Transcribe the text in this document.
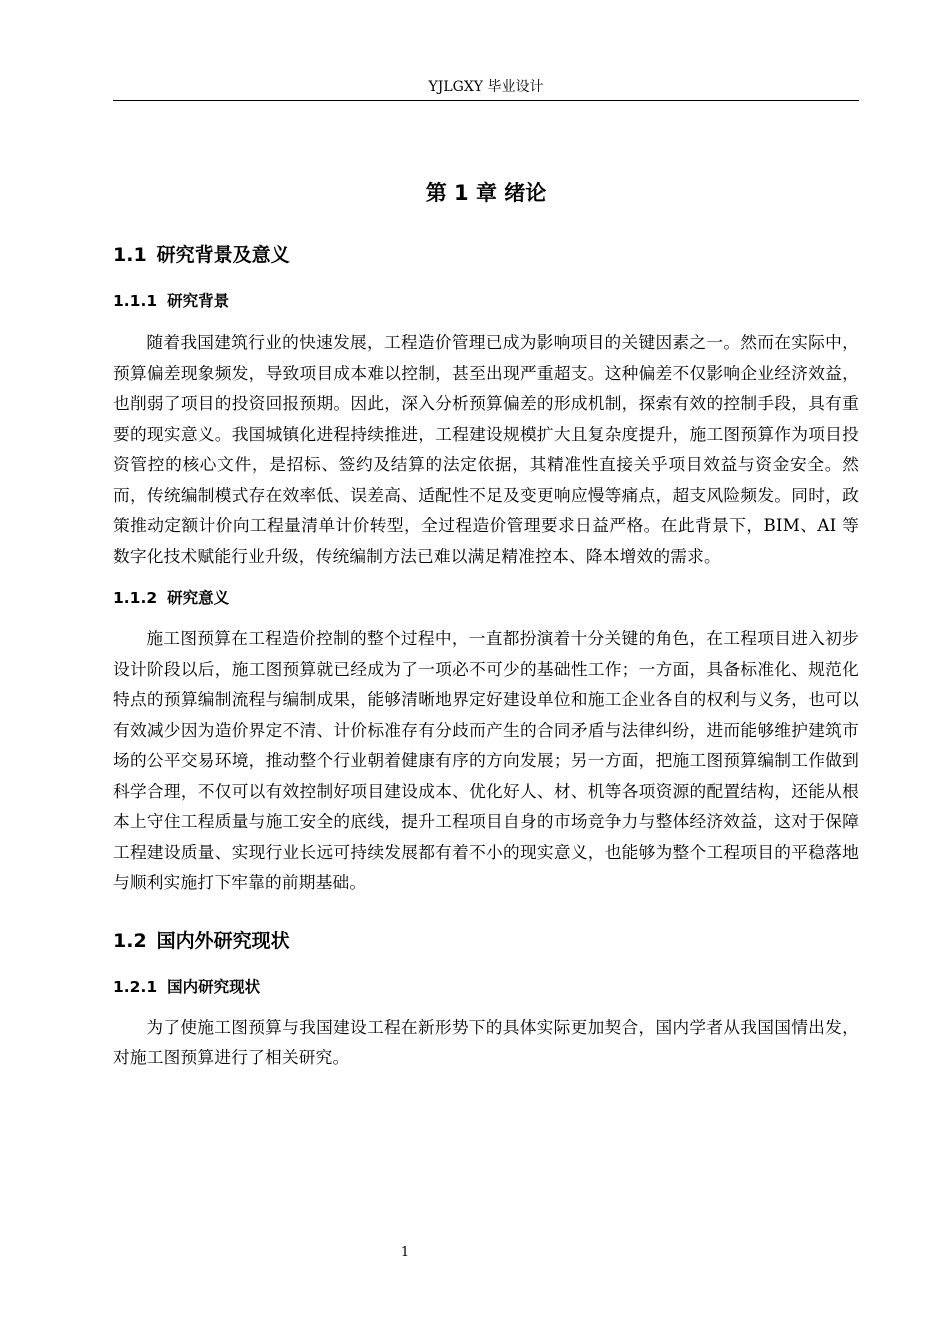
YJLGXY 毕业设计
第 1 章 绪论
1.1 研究背景及意义
1.1.1 研究背景

随着我国建筑行业的快速发展，工程造价管理已成为影响项目的关键因素之一。然而在实际中，预算偏差现象频发，导致项目成本难以控制，甚至出现严重超支。这种偏差不仅影响企业经济效益，也削弱了项目的投资回报预期。因此，深入分析预算偏差的形成机制，探索有效的控制手段，具有重要的现实意义。我国城镇化进程持续推进，工程建设规模扩大且复杂度提升，施工图预算作为项目投资管控的核心文件，是招标、签约及结算的法定依据，其精准性直接关乎项目效益与资金安全。然而，传统编制模式存在效率低、误差高、适配性不足及变更响应慢等痛点，超支风险频发。同时，政策推动定额计价向工程量清单计价转型，全过程造价管理要求日益严格。在此背景下，BIM、AI 等数字化技术赋能行业升级，传统编制方法已难以满足精准控本、降本增效的需求。

1.1.2 研究意义

施工图预算在工程造价控制的整个过程中，一直都扮演着十分关键的角色，在工程项目进入初步设计阶段以后，施工图预算就已经成为了一项必不可少的基础性工作；一方面，具备标准化、规范化特点的预算编制流程与编制成果，能够清晰地界定好建设单位和施工企业各自的权利与义务，也可以有效减少因为造价界定不清、计价标准存有分歧而产生的合同矛盾与法律纠纷，进而能够维护建筑市场的公平交易环境，推动整个行业朝着健康有序的方向发展；另一方面，把施工图预算编制工作做到科学合理，不仅可以有效控制好项目建设成本、优化好人、材、机等各项资源的配置结构，还能从根本上守住工程质量与施工安全的底线，提升工程项目自身的市场竞争力与整体经济效益，这对于保障工程建设质量、实现行业长远可持续发展都有着不小的现实意义，也能够为整个工程项目的平稳落地与顺利实施打下牢靠的前期基础。

1.2 国内外研究现状
1.2.1 国内研究现状

为了使施工图预算与我国建设工程在新形势下的具体实际更加契合，国内学者从我国国情出发，对施工图预算进行了相关研究。

1
